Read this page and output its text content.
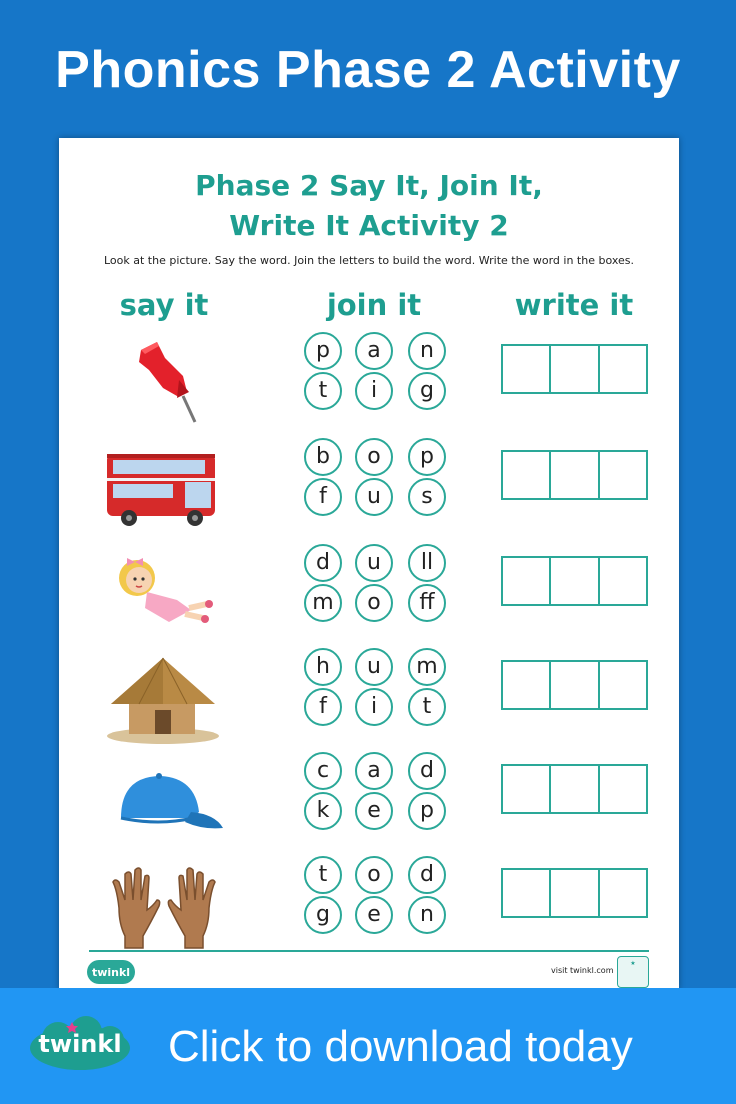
Phonics Phase 2 Activity
Phase 2 Say It, Join It,
Write It Activity 2
Look at the picture. Say the word. Join the letters to build the word. Write the word in the boxes.
say it	join it	write it
p	a	n
t	i	g
b	o	p
f	u	s
d	u	ll
m	o	ff
h	u	m
f	i	t
c	a	d
k	e	p
t	o	d
g	e	n
twinkl	visit twinkl.com
★
twinkl Click to download today
